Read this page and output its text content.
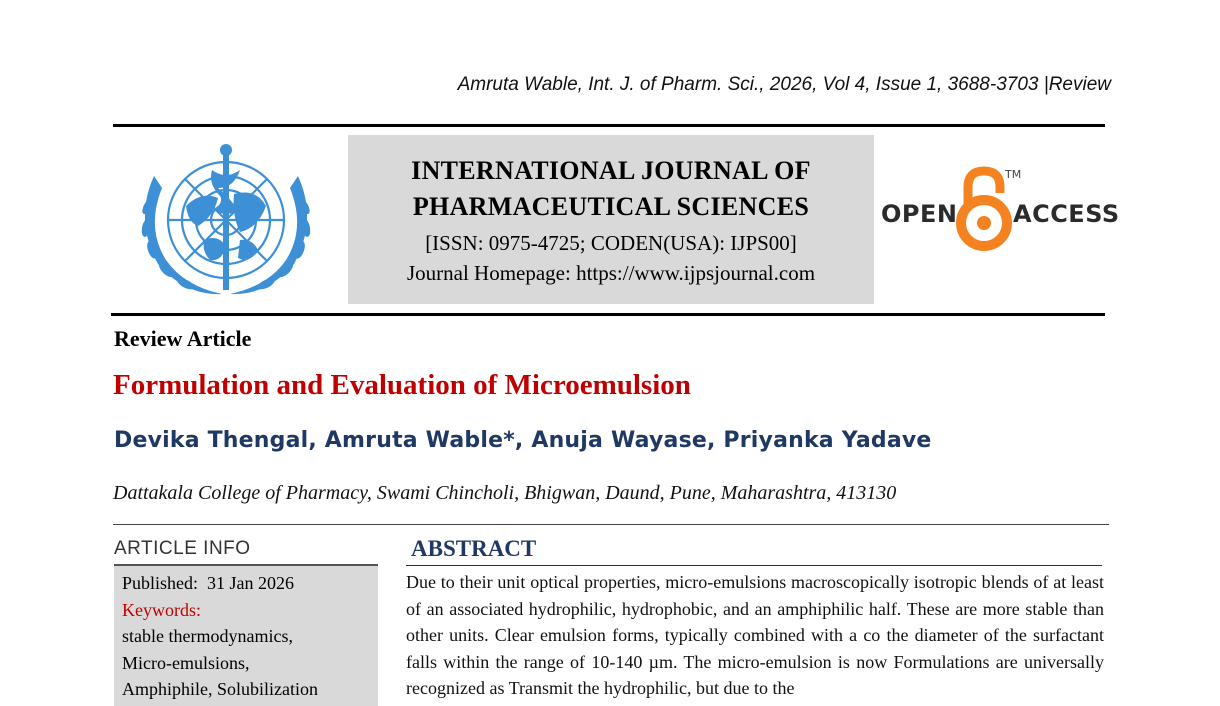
Amruta Wable, Int. J. of Pharm. Sci., 2026, Vol 4, Issue 1, 3688-3703 |Review
INTERNATIONAL JOURNAL OF
PHARMACEUTICAL SCIENCES
[ISSN: 0975-4725; CODEN(USA): IJPS00]
Journal Homepage: https://www.ijpsjournal.com
OPEN
TM
ACCESS
Review Article
Formulation and Evaluation of Microemulsion
Devika Thengal, Amruta Wable*, Anuja Wayase, Priyanka Yadave
Dattakala College of Pharmacy, Swami Chincholi, Bhigwan, Daund, Pune, Maharashtra, 413130
ARTICLE INFO
Published:  31 Jan 2026
Keywords:
stable thermodynamics,
Micro-emulsions,
Amphiphile, Solubilization
ABSTRACT
Due to their unit optical properties, micro-emulsions macroscopically isotropic blends of at least of an associated hydrophilic, hydrophobic, and an amphiphilic half. These are more stable than other units. Clear emulsion forms, typically combined with a co the diameter of the surfactant falls within the range of 10-140 µm. The micro-emulsion is now Formulations are universally recognized as Transmit the hydrophilic, but due to the
